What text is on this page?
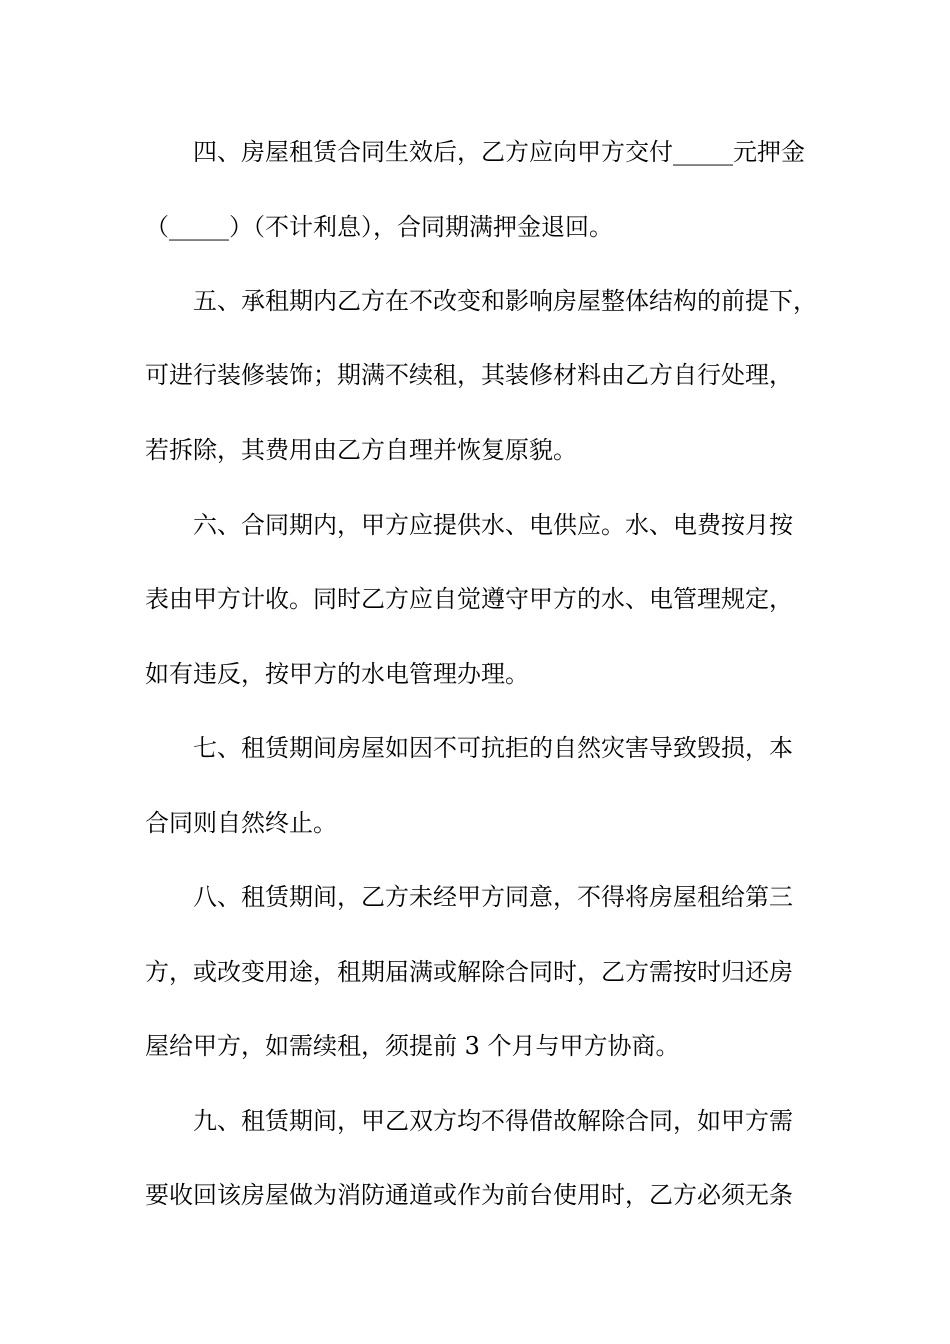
四、房屋租赁合同生效后，乙方应向甲方交付_____元押金
（_____）（不计利息），合同期满押金退回。
五、承租期内乙方在不改变和影响房屋整体结构的前提下，
可进行装修装饰；期满不续租，其装修材料由乙方自行处理，
若拆除，其费用由乙方自理并恢复原貌。
六、合同期内，甲方应提供水、电供应。水、电费按月按
表由甲方计收。同时乙方应自觉遵守甲方的水、电管理规定，
如有违反，按甲方的水电管理办理。
七、租赁期间房屋如因不可抗拒的自然灾害导致毁损，本
合同则自然终止。
八、租赁期间，乙方未经甲方同意，不得将房屋租给第三
方，或改变用途，租期届满或解除合同时，乙方需按时归还房
屋给甲方，如需续租，须提前 3 个月与甲方协商。
九、租赁期间，甲乙双方均不得借故解除合同，如甲方需
要收回该房屋做为消防通道或作为前台使用时，乙方必须无条
